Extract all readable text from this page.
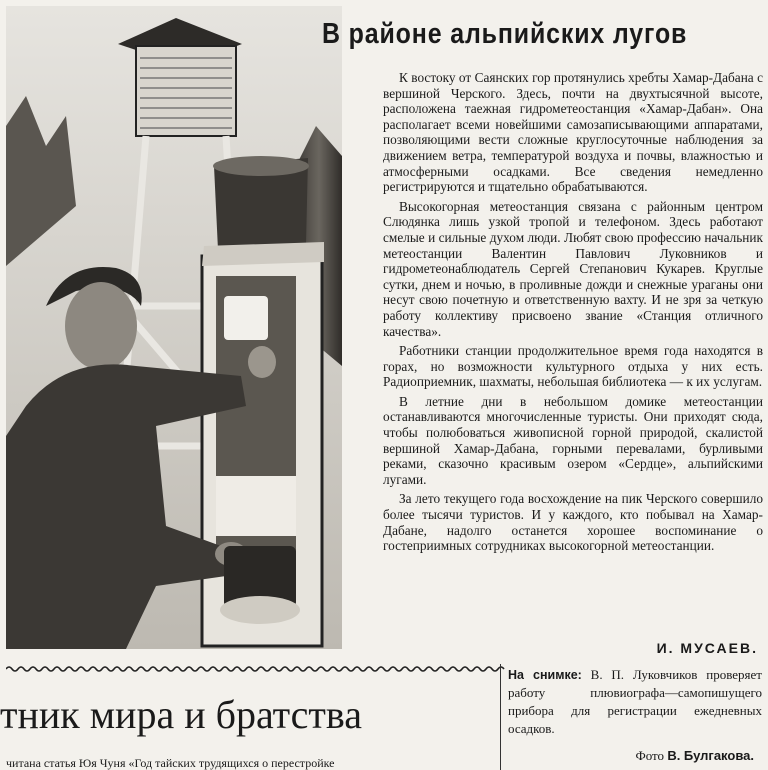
В районе альпийских лугов

К востоку от Саянских гор протянулись хребты Хамар-Дабана с вершиной Черского. Здесь, почти на двухтысячной высоте, расположена таежная гидрометеостанция «Хамар-Дабан». Она располагает всеми новейшими самозаписывающими аппаратами, позволяющими вести сложные круглосуточные наблюдения за движением ветра, температурой воздуха и почвы, влажностью и атмосферными осадками. Все сведения немедленно регистрируются и тщательно обрабатываются.

Высокогорная метеостанция связана с районным центром Слюдянка лишь узкой тропой и телефоном. Здесь работают смелые и сильные духом люди. Любят свою профессию начальник метеостанции Валентин Павлович Луковников и гидрометеонаблюдатель Сергей Степанович Кукарев. Круглые сутки, днем и ночью, в проливные дожди и снежные ураганы они несут свою почетную и ответственную вахту. И не зря за четкую работу коллективу присвоено звание «Станция отличного качества».

Работники станции продолжительное время года находятся в горах, но возможности культурного отдыха у них есть. Радиоприемник, шахматы, небольшая библиотека — к их услугам.

В летние дни в небольшом домике метеостанции останавливаются многочисленные туристы. Они приходят сюда, чтобы полюбоваться живописной горной природой, скалистой вершиной Хамар-Дабана, горными перевалами, бурливыми реками, сказочно красивым озером «Сердце», альпийскими лугами.

За лето текущего года восхождение на пик Черского совершило более тысячи туристов. И у каждого, кто побывал на Хамар-Дабане, надолго останется хорошее воспоминание о гостеприимных сотрудниках высокогорной метеостанции.

И. МУСАЕВ.
тник мира и братства
читана статья Юя Чуня «Год тайских трудящихся о перестройке
На снимке: В. П. Луковчиков проверяет работу плювиографа—самопишущего прибора для регистрации ежедневных осадков.
Фото В. Булгакова.
